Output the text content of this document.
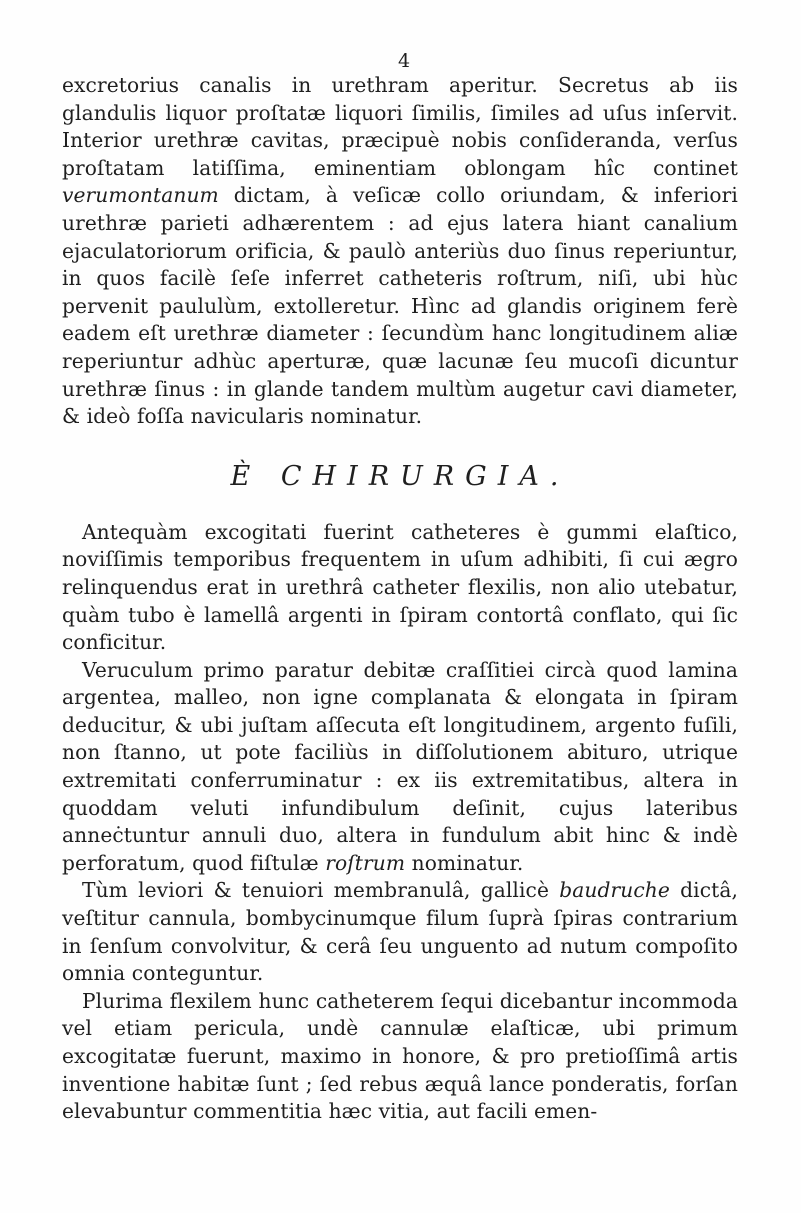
4

excretorius canalis in urethram aperitur. Secretus ab iis glandulis liquor proſtatæ liquori ſimilis, ſimiles ad uſus inſervit. Interior urethræ cavitas, præcipuè nobis conſideranda, verſus proſtatam latiſſima, eminentiam oblongam hîc continet verumontanum dictam, à veſicæ collo oriundam, & inferiori urethræ parieti adhærentem : ad ejus latera hiant canalium ejaculatoriorum orificia, & paulò anteriùs duo ſinus reperiuntur, in quos facilè ſeſe inferret catheteris roſtrum, niſi, ubi hùc pervenit paululùm, extolleretur. Hìnc ad glandis originem ferè eadem eſt urethræ diameter : ſecundùm hanc longitudinem aliæ reperiuntur adhùc aperturæ, quæ lacunæ ſeu mucoſi dicuntur urethræ ſinus : in glande tandem multùm augetur cavi diameter, & ideò foſſa navicularis nominatur.

È CHIRURGIA.

Antequàm excogitati fuerint catheteres è gummi elaſtico, noviſſimis temporibus frequentem in uſum adhibiti, ſi cui ægro relinquendus erat in urethrâ catheter flexilis, non alio utebatur, quàm tubo è lamellâ argenti in ſpiram contortâ conflato, qui ſic conficitur.

Veruculum primo paratur debitæ craſſitiei circà quod lamina argentea, malleo, non igne complanata & elongata in ſpiram deducitur, & ubi juſtam aſſecuta eſt longitudinem, argento fuſili, non ſtanno, ut pote faciliùs in diſſolutionem abituro, utrique extremitati conferruminatur : ex iis extremitatibus, altera in quoddam veluti infundibulum deſinit, cujus lateribus anneċtuntur annuli duo, altera in fundulum abit hinc & indè perforatum, quod fiſtulæ roſtrum nominatur.

Tùm leviori & tenuiori membranulâ, gallicè baudruche dictâ, veſtitur cannula, bombycinumque filum ſuprà ſpiras contrarium in ſenſum convolvitur, & cerâ ſeu unguento ad nutum compoſito omnia conteguntur.

Plurima flexilem hunc catheterem ſequi dicebantur incommoda vel etiam pericula, undè cannulæ elaſticæ, ubi primum excogitatæ fuerunt, maximo in honore, & pro pretioſſimâ artis inventione habitæ ſunt ; ſed rebus æquâ lance ponderatis, forſan elevabuntur commentitia hæc vitia, aut facili emen-
